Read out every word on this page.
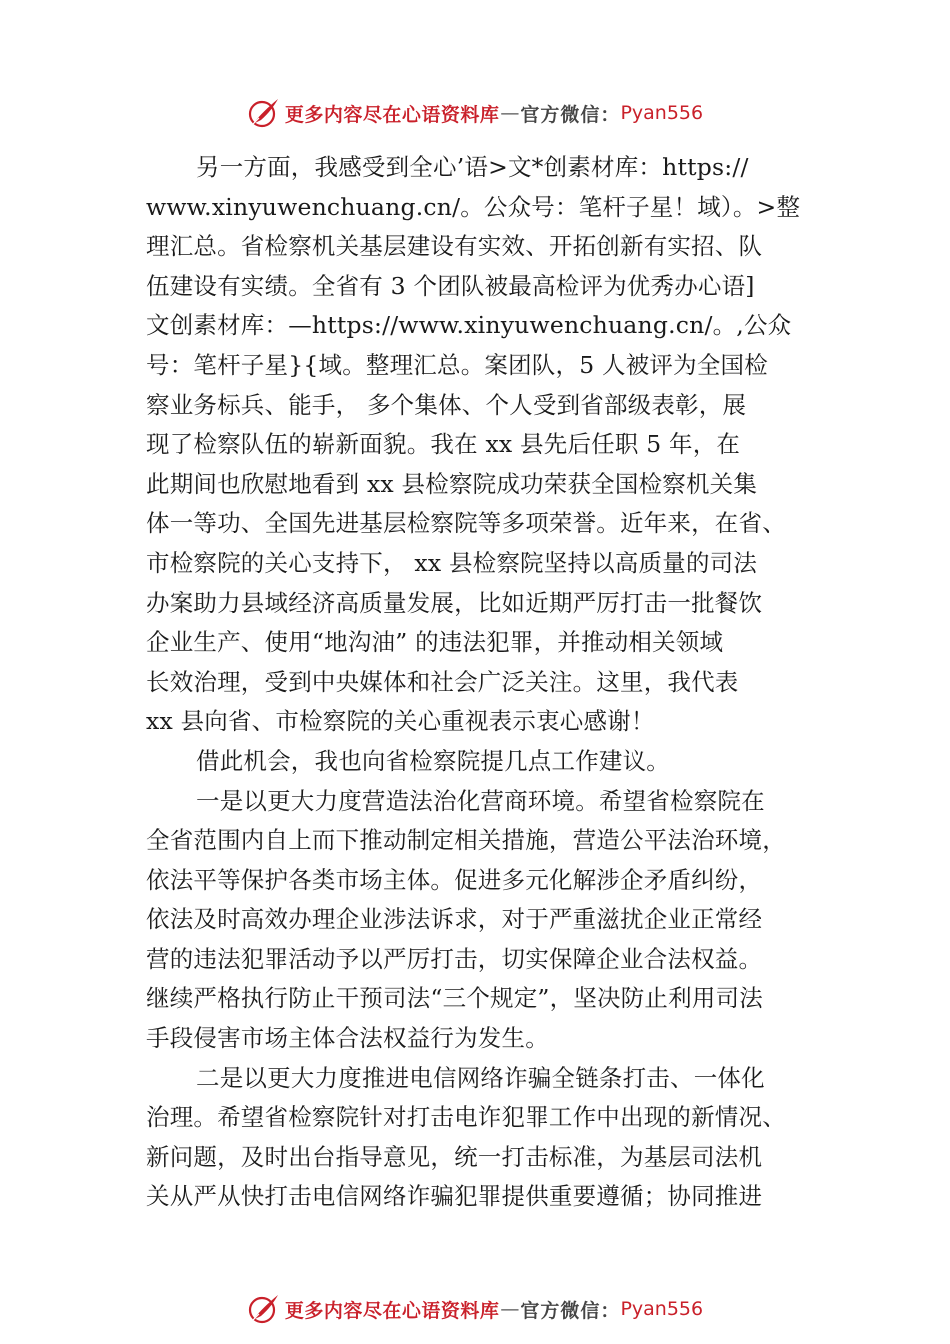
更多内容尽在心语资料库 — 官方微信： Pyan556
另一方面，我感受到全心’语>文*创素材库：https://
www.xinyuwenchuang.cn/。公众号：笔杆子星！域）。>整
理汇总。省检察机关基层建设有实效、开拓创新有实招、队
伍建设有实绩。全省有 3 个团队被最高检评为优秀办心语]
文创素材库：—https://www.xinyuwenchuang.cn/。,公众
号：笔杆子星}{域。整理汇总。案团队，5 人被评为全国检
察业务标兵、能手， 多个集体、个人受到省部级表彰，展
现了检察队伍的崭新面貌。我在 xx 县先后任职 5 年，在
此期间也欣慰地看到 xx 县检察院成功荣获全国检察机关集
体一等功、全国先进基层检察院等多项荣誉。近年来，在省、
市检察院的关心支持下， xx 县检察院坚持以高质量的司法
办案助力县域经济高质量发展，比如近期严厉打击一批餐饮
企业生产、使用“地沟油” 的违法犯罪，并推动相关领域
长效治理，受到中央媒体和社会广泛关注。这里，我代表
xx 县向省、市检察院的关心重视表示衷心感谢！
借此机会，我也向省检察院提几点工作建议。
一是以更大力度营造法治化营商环境。希望省检察院在
全省范围内自上而下推动制定相关措施，营造公平法治环境，
依法平等保护各类市场主体。促进多元化解涉企矛盾纠纷，
依法及时高效办理企业涉法诉求，对于严重滋扰企业正常经
营的违法犯罪活动予以严厉打击，切实保障企业合法权益。
继续严格执行防止干预司法“三个规定”，坚决防止利用司法
手段侵害市场主体合法权益行为发生。
二是以更大力度推进电信网络诈骗全链条打击、一体化
治理。希望省检察院针对打击电诈犯罪工作中出现的新情况、
新问题，及时出台指导意见，统一打击标准，为基层司法机
关从严从快打击电信网络诈骗犯罪提供重要遵循；协同推进
更多内容尽在心语资料库 — 官方微信： Pyan556
